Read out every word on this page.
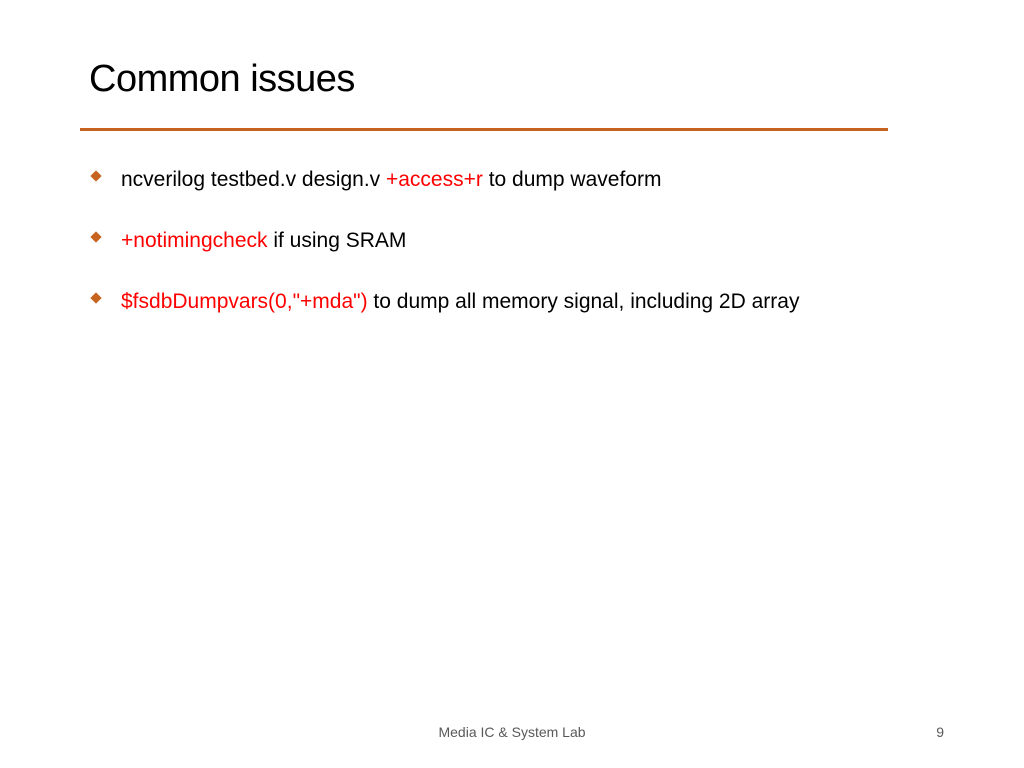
Common issues
ncverilog testbed.v design.v +access+r to dump waveform
+notimingcheck if using SRAM
$fsdbDumpvars(0,"+mda") to dump all memory signal, including 2D array
Media IC & System Lab	9
